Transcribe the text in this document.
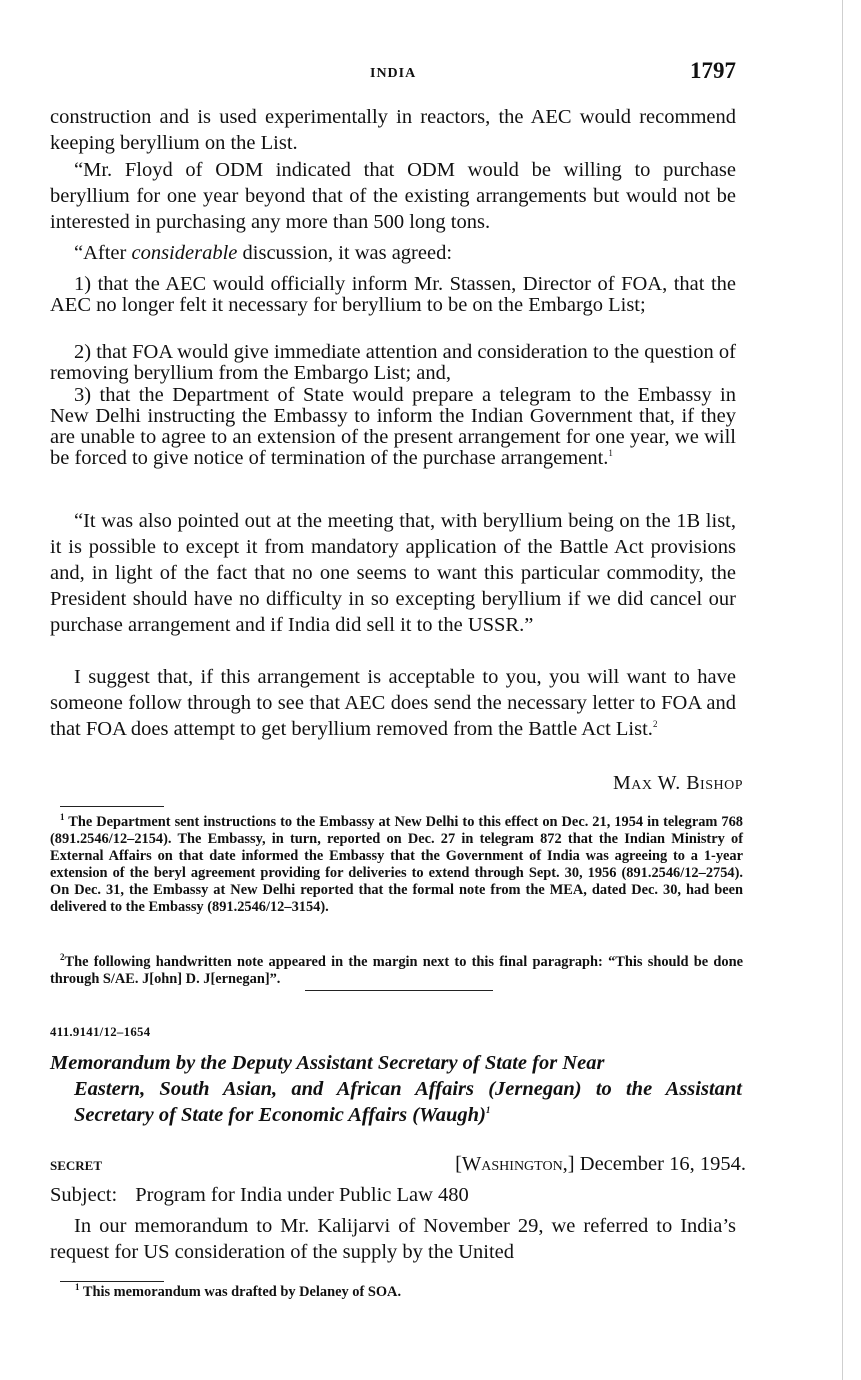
INDIA	1797

construction and is used experimentally in reactors, the AEC would recommend keeping beryllium on the List.

“Mr. Floyd of ODM indicated that ODM would be willing to purchase beryllium for one year beyond that of the existing arrangements but would not be interested in purchasing any more than 500 long tons.

“After considerable discussion, it was agreed:

1) that the AEC would officially inform Mr. Stassen, Director of FOA, that the AEC no longer felt it necessary for beryllium to be on the Embargo List;

2) that FOA would give immediate attention and consideration to the question of removing beryllium from the Embargo List; and,

3) that the Department of State would prepare a telegram to the Embassy in New Delhi instructing the Embassy to inform the Indian Government that, if they are unable to agree to an extension of the present arrangement for one year, we will be forced to give notice of termination of the purchase arrangement.$^1$

“It was also pointed out at the meeting that, with beryllium being on the 1B list, it is possible to except it from mandatory application of the Battle Act provisions and, in light of the fact that no one seems to want this particular commodity, the President should have no difficulty in so excepting beryllium if we did cancel our purchase arrangement and if India did sell it to the USSR.”

I suggest that, if this arrangement is acceptable to you, you will want to have someone follow through to see that AEC does send the necessary letter to FOA and that FOA does attempt to get beryllium removed from the Battle Act List.$^2$

Max W. Bishop
$^1$ The Department sent instructions to the Embassy at New Delhi to this effect on Dec. 21, 1954 in telegram 768 (891.2546/12–2154). The Embassy, in turn, reported on Dec. 27 in telegram 872 that the Indian Ministry of External Affairs on that date informed the Embassy that the Government of India was agreeing to a 1-year extension of the beryl agreement providing for deliveries to extend through Sept. 30, 1956 (891.2546/12–2754). On Dec. 31, the Embassy at New Delhi reported that the formal note from the MEA, dated Dec. 30, had been delivered to the Embassy (891.2546/12–3154).
$^2$The following handwritten note appeared in the margin next to this final paragraph: “This should be done through S/AE. J[ohn] D. J[ernegan]”.
411.9141/12–1654
Memorandum by the Deputy Assistant Secretary of State for Near
Eastern, South Asian, and African Affairs (Jernegan) to the Assistant Secretary of State for Economic Affairs (Waugh)$^1$
SECRET	[Washington,] December 16, 1954.
Subject: Program for India under Public Law 480

In our memorandum to Mr. Kalijarvi of November 29, we referred to India’s request for US consideration of the supply by the United

$^1$ This memorandum was drafted by Delaney of SOA.
